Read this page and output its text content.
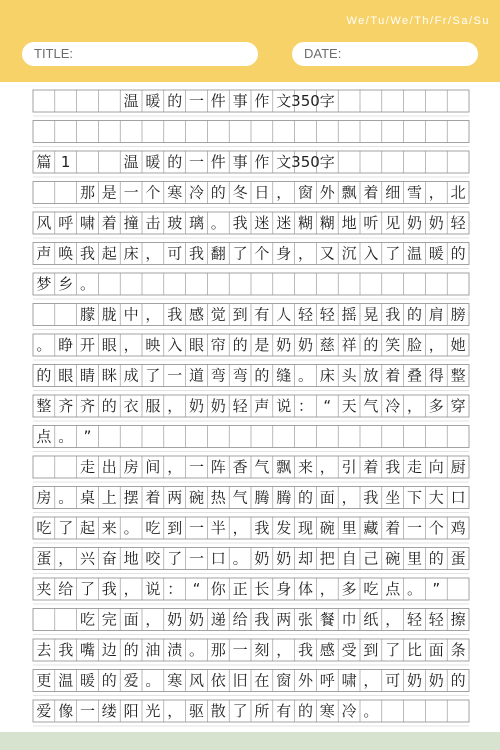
We/Tu/We/Th/Fr/Sa/Su
TITLE:	DATE:
温 暖 的 一 件 事 作 文 350 字
篇 1	温 暖 的 一 件 事 作 文 350 字
那 是 一 个 寒 冷 的 冬 日 ， 窗 外 飘 着 细 雪 ， 北
风 呼 啸 着 撞 击 玻 璃 。 我 迷 迷 糊 糊 地 听 见 奶 奶 轻
声 唤 我 起 床 ， 可 我 翻 了 个 身 ， 又 沉 入 了 温 暖 的
梦 乡 。
朦 胧 中 ， 我 感 觉 到 有 人 轻 轻 摇 晃 我 的 肩 膀
。 睁 开 眼 ， 映 入 眼 帘 的 是 奶 奶 慈 祥 的 笑 脸 ， 她
的 眼 睛 眯 成 了 一 道 弯 弯 的 缝 。 床 头 放 着 叠 得 整
整 齐 齐 的 衣 服 ， 奶 奶 轻 声 说 ： “ 天 气 冷 ， 多 穿
点 。 ”
走 出 房 间 ， 一 阵 香 气 飘 来 ， 引 着 我 走 向 厨
房 。 桌 上 摆 着 两 碗 热 气 腾 腾 的 面 ， 我 坐 下 大 口
吃 了 起 来 。 吃 到 一 半 ， 我 发 现 碗 里 藏 着 一 个 鸡
蛋 ， 兴 奋 地 咬 了 一 口 。 奶 奶 却 把 自 己 碗 里 的 蛋
夹 给 了 我 ， 说 ： “ 你 正 长 身 体 ， 多 吃 点 。 ”
吃 完 面 ， 奶 奶 递 给 我 两 张 餐 巾 纸 ， 轻 轻 擦
去 我 嘴 边 的 油 渍 。 那 一 刻 ， 我 感 受 到 了 比 面 条
更 温 暖 的 爱 。 寒 风 依 旧 在 窗 外 呼 啸 ， 可 奶 奶 的
爱 像 一 缕 阳 光 ， 驱 散 了 所 有 的 寒 冷 。
